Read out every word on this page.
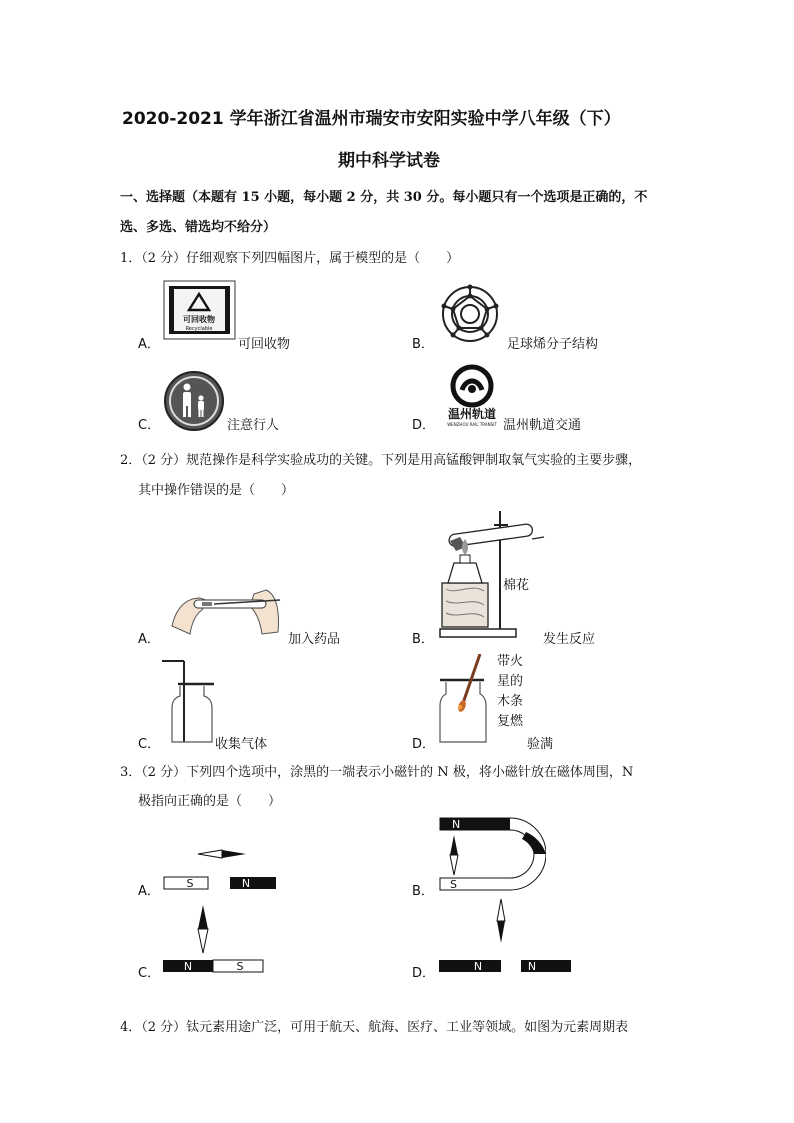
2020-2021 学年浙江省温州市瑞安市安阳实验中学八年级（下）
期中科学试卷
一、选择题（本题有 15 小题，每小题 2 分，共 30 分。每小题只有一个选项是正确的，不
选、多选、错选均不给分）
1．（2 分）仔细观察下列四幅图片，属于模型的是（　　）
A．
可回收物
Recyclable
可回收物	B．	足球烯分子结构
C．	注意行人	D．
温州轨道
WENZHOU RAIL TRANSIT 温州軌道交通
2．（2 分）规范操作是科学实验成功的关键。下列是用高锰酸钾制取氧气实验的主要步骤，
其中操作错误的是（　　）
A．	加入药品	B．
棉花
发生反应
C．	收集气体	D．
带火
星的
木条
复燃
验满
3．（2 分）下列四个选项中，涂黑的一端表示小磁针的 N 极，将小磁针放在磁体周围，N
极指向正确的是（　　）
A．
S	N
B．
N
S
C． N	S	D．	N	N
4．（2 分）钛元素用途广泛，可用于航天、航海、医疗、工业等领域。如图为元素周期表
